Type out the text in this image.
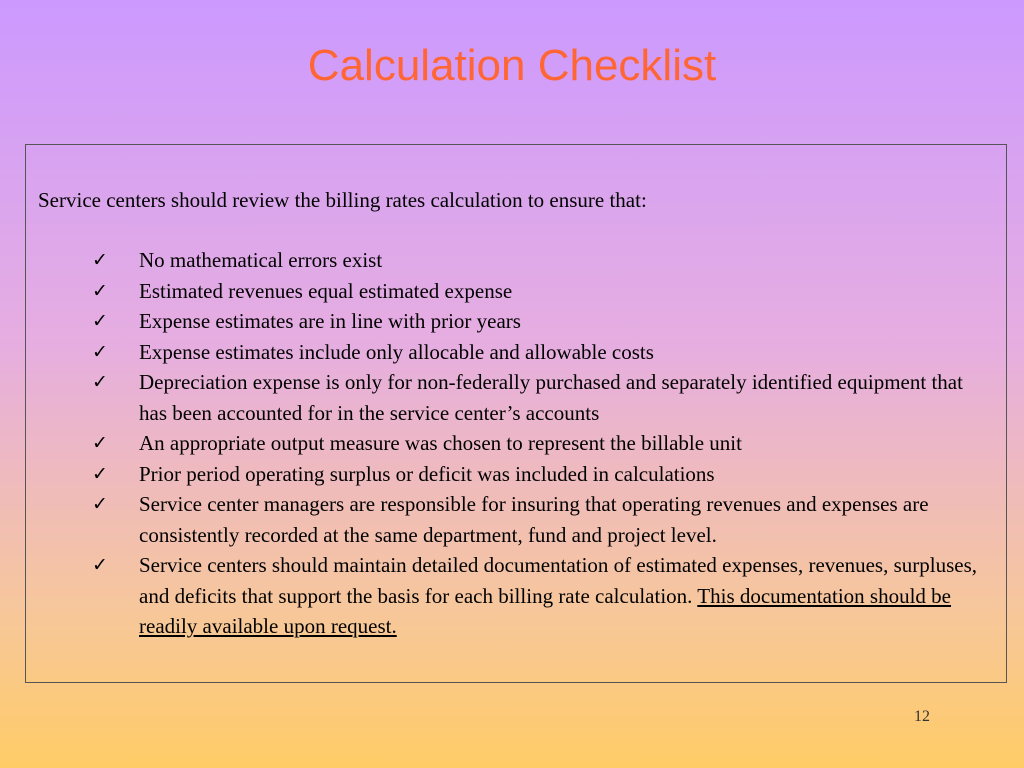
Calculation Checklist
Service centers should review the billing rates calculation to ensure that:
✓ No mathematical errors exist
✓ Estimated revenues equal estimated expense
✓ Expense estimates are in line with prior years
✓ Expense estimates include only allocable and allowable costs
✓ Depreciation expense is only for non-federally purchased and separately identified equipment that has been accounted for in the service center’s accounts
✓ An appropriate output measure was chosen to represent the billable unit
✓ Prior period operating surplus or deficit was included in calculations
✓ Service center managers are responsible for insuring that operating revenues and expenses are consistently recorded at the same department, fund and project level.
✓ Service centers should maintain detailed documentation of estimated expenses, revenues, surpluses, and deficits that support the basis for each billing rate calculation. This documentation should be readily available upon request.
12
